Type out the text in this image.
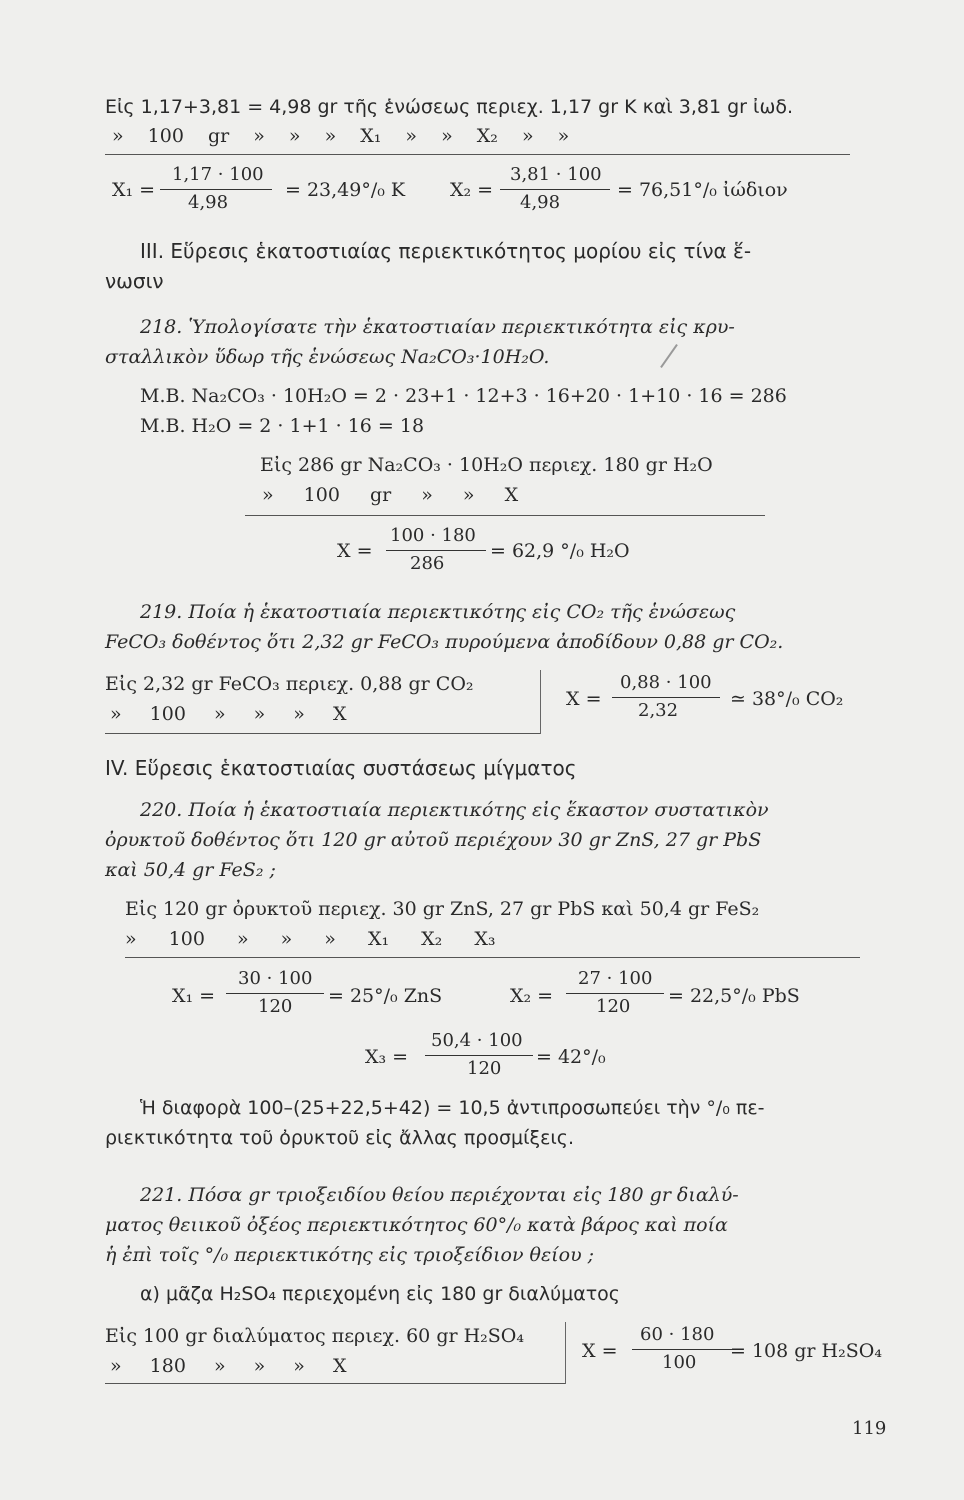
Εἰς 1,17+3,81 = 4,98 gr τῆς ἑνώσεως περιεχ. 1,17 gr K καὶ 3,81 gr ἰωδ.
» 100 gr » » » X₁ » » X₂ » »
X₁ =
1,17 · 100
4,98
= 23,49°/₀ K X₂ =
3,81 · 100
4,98
= 76,51°/₀ ἰώδιον
III. Εὕρεσις ἑκατοστιαίας περιεκτικότητος μορίου εἰς τίνα ἕ-
νωσιν
218. Ὑπολογίσατε τὴν ἑκατοστιαίαν περιεκτικότητα εἰς κρυ-
σταλλικὸν ὕδωρ τῆς ἑνώσεως Na₂CO₃·10H₂O.
M.B. Na₂CO₃ · 10H₂O = 2 · 23+1 · 12+3 · 16+20 · 1+10 · 16 = 286
M.B. H₂O = 2 · 1+1 · 16 = 18
Εἰς 286 gr Na₂CO₃ · 10H₂O περιεχ. 180 gr H₂O
» 100 gr » » X
X =
100 · 180
286
= 62,9 °/₀ H₂O
219. Ποία ἡ ἑκατοστιαία περιεκτικότης εἰς CO₂ τῆς ἑνώσεως
FeCO₃ δοθέντος ὅτι 2,32 gr FeCO₃ πυρούμενα ἀποδίδουν 0,88 gr CO₂.
Εἰς 2,32 gr FeCO₃ περιεχ. 0,88 gr CO₂
» 100 » » » X
X =
0,88 · 100
2,32
≃ 38°/₀ CO₂
IV. Εὕρεσις ἑκατοστιαίας συστάσεως μίγματος
220. Ποία ἡ ἑκατοστιαία περιεκτικότης εἰς ἕκαστον συστατικὸν
ὀρυκτοῦ δοθέντος ὅτι 120 gr αὐτοῦ περιέχουν 30 gr ZnS, 27 gr PbS
καὶ 50,4 gr FeS₂ ;
Εἰς 120 gr ὀρυκτοῦ περιεχ. 30 gr ZnS, 27 gr PbS καὶ 50,4 gr FeS₂
» 100 » » » X₁ X₂ X₃
X₁ =
30 · 100
120 = 25°/₀ ZnS	X₂ =
27 · 100
120 = 22,5°/₀ PbS
X₃ =
50,4 · 100
120
= 42°/₀
Ἡ διαφορὰ 100–(25+22,5+42) = 10,5 ἀντιπροσωπεύει τὴν °/₀ πε-
ριεκτικότητα τοῦ ὀρυκτοῦ εἰς ἄλλας προσμίξεις.
221. Πόσα gr τριοξειδίου θείου περιέχονται εἰς 180 gr διαλύ-
ματος θειικοῦ ὀξέος περιεκτικότητος 60°/₀ κατὰ βάρος καὶ ποία
ἡ ἐπὶ τοῖς °/₀ περιεκτικότης εἰς τριοξείδιον θείου ;
α) μᾶζα H₂SO₄ περιεχομένη εἰς 180 gr διαλύματος
Εἰς 100 gr διαλύματος περιεχ. 60 gr H₂SO₄
» 180 » » » X
X =
60 · 180
100
= 108 gr H₂SO₄
119
